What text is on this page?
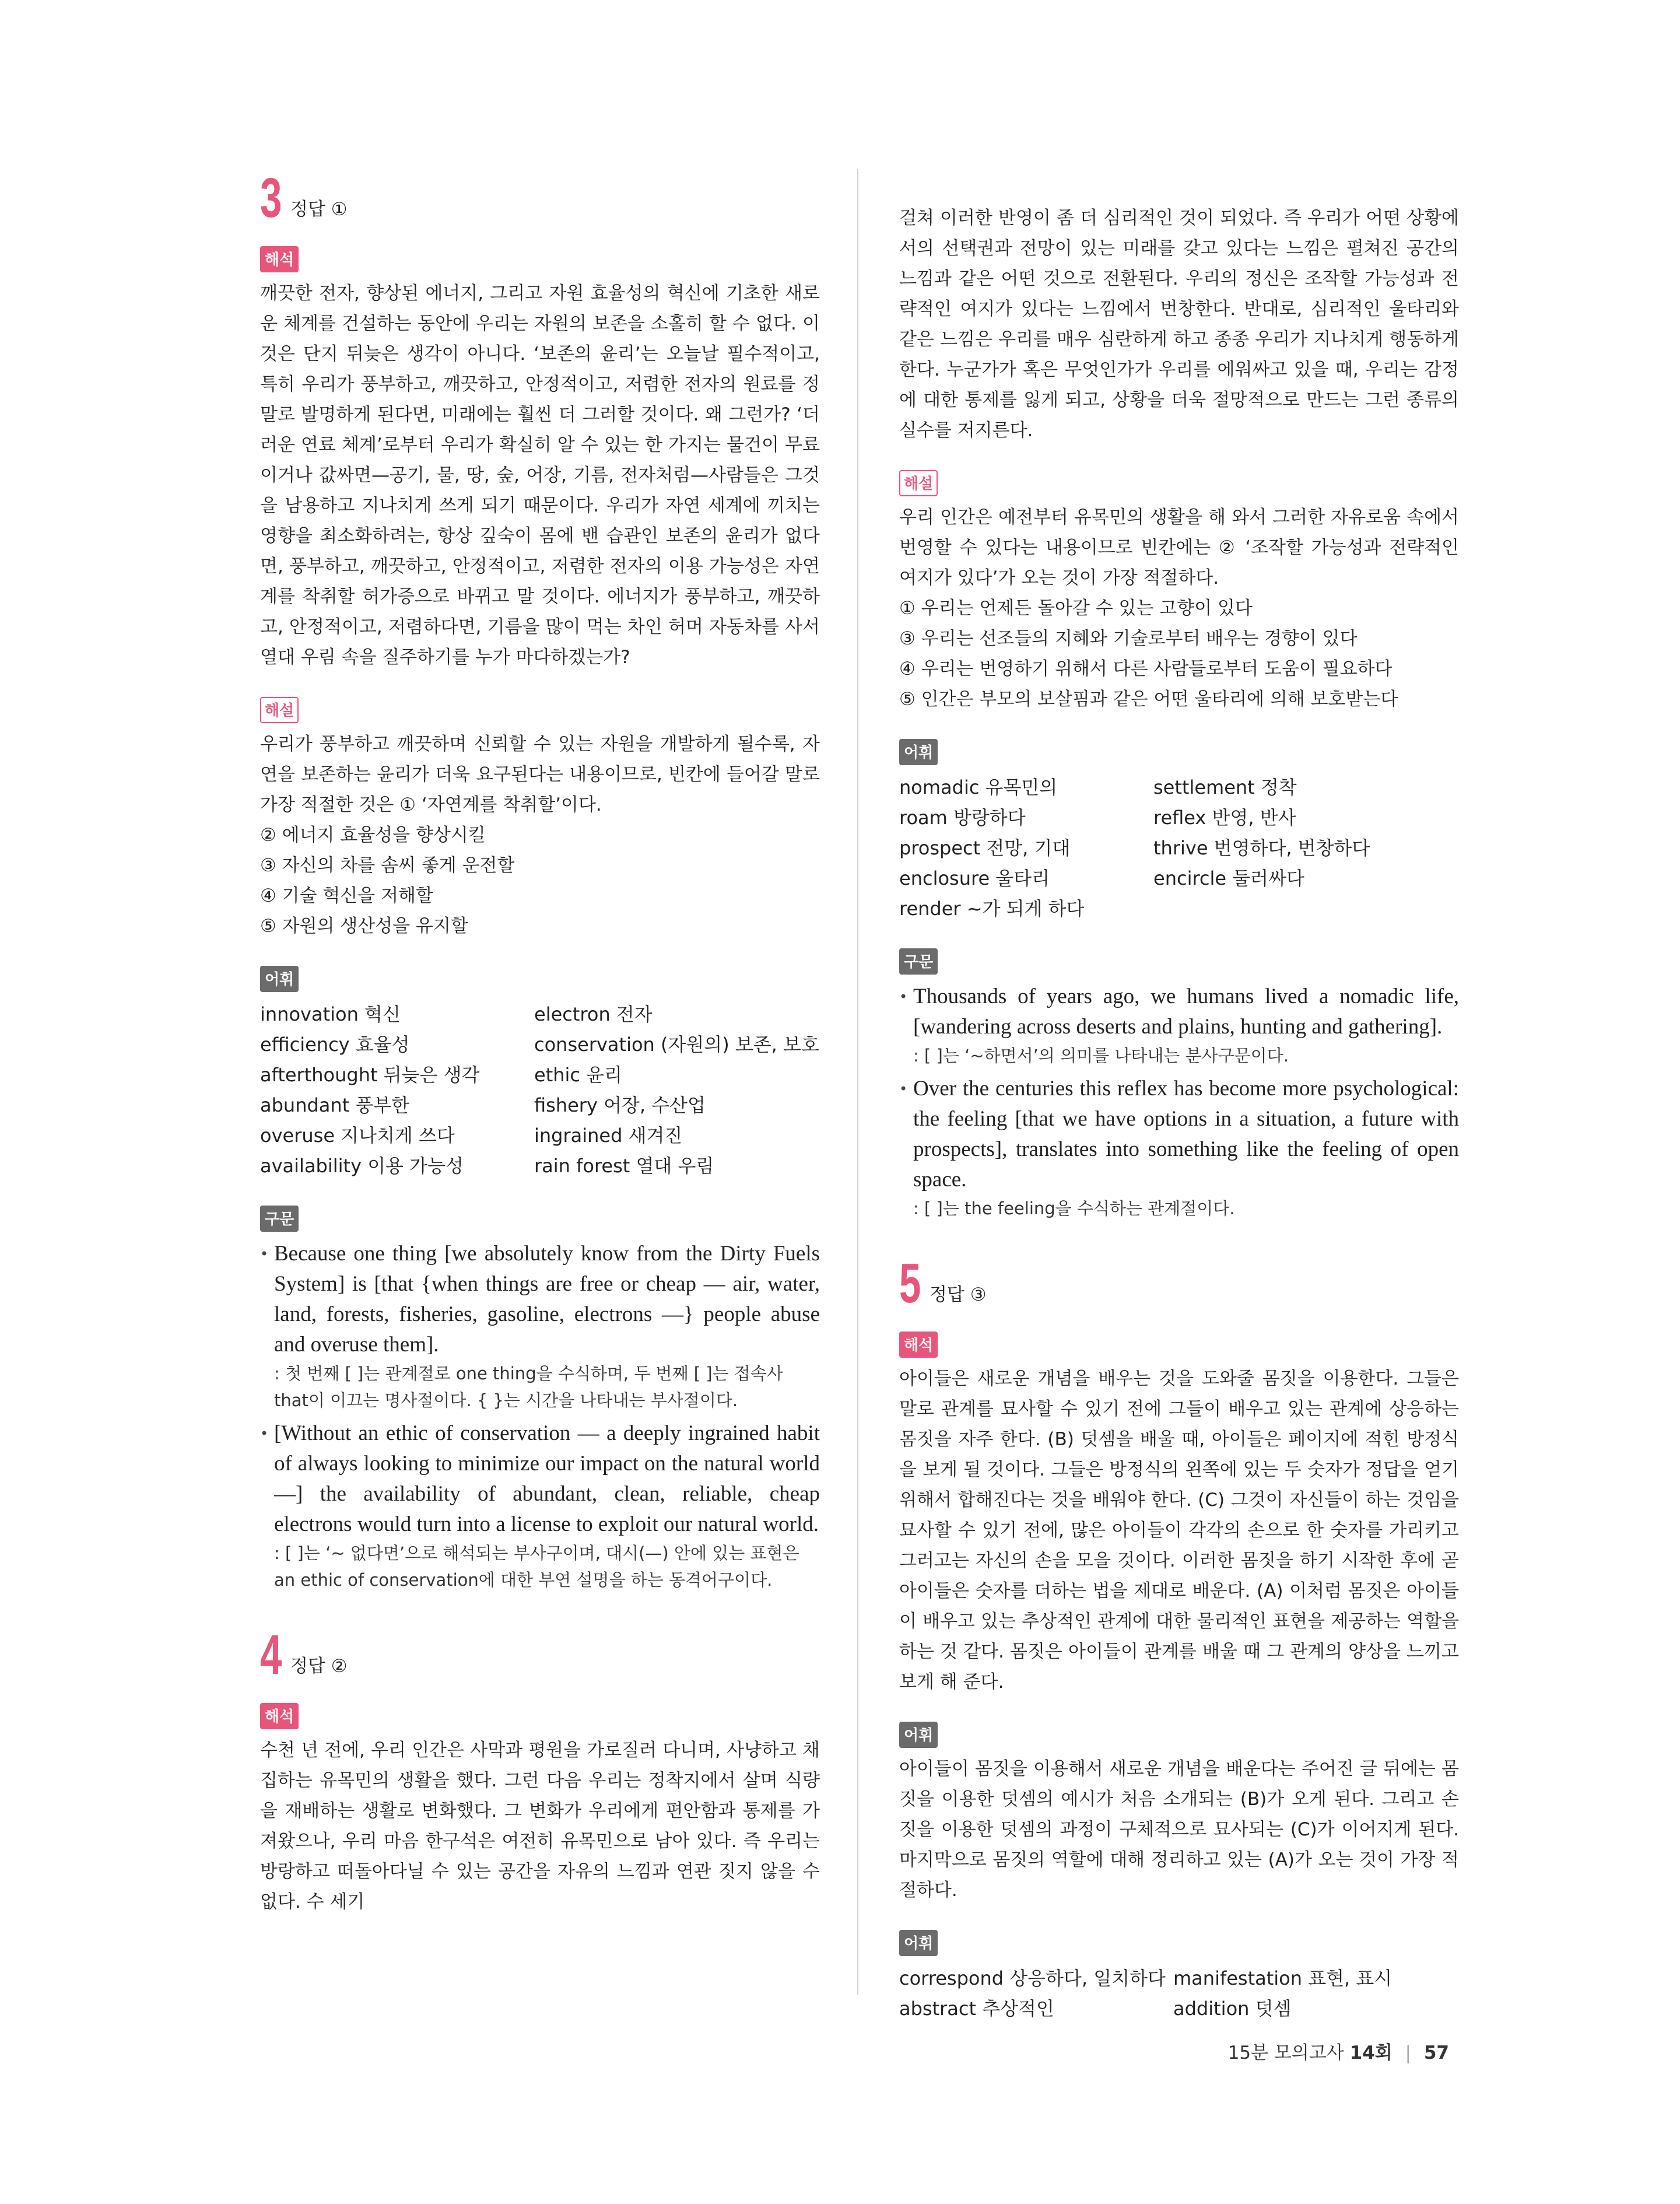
3 정답 ①
해석

깨끗한 전자, 향상된 에너지, 그리고 자원 효율성의 혁신에 기초한 새로운 체계를 건설하는 동안에 우리는 자원의 보존을 소홀히 할 수 없다. 이것은 단지 뒤늦은 생각이 아니다. ‘보존의 윤리’는 오늘날 필수적이고, 특히 우리가 풍부하고, 깨끗하고, 안정적이고, 저렴한 전자의 원료를 정말로 발명하게 된다면, 미래에는 훨씬 더 그러할 것이다. 왜 그런가? ‘더러운 연료 체계’로부터 우리가 확실히 알 수 있는 한 가지는 물건이 무료이거나 값싸면—공기, 물, 땅, 숲, 어장, 기름, 전자처럼—사람들은 그것을 남용하고 지나치게 쓰게 되기 때문이다. 우리가 자연 세계에 끼치는 영향을 최소화하려는, 항상 깊숙이 몸에 밴 습관인 보존의 윤리가 없다면, 풍부하고, 깨끗하고, 안정적이고, 저렴한 전자의 이용 가능성은 자연계를 착취할 허가증으로 바뀌고 말 것이다. 에너지가 풍부하고, 깨끗하고, 안정적이고, 저렴하다면, 기름을 많이 먹는 차인 허머 자동차를 사서 열대 우림 속을 질주하기를 누가 마다하겠는가?

해설

우리가 풍부하고 깨끗하며 신뢰할 수 있는 자원을 개발하게 될수록, 자연을 보존하는 윤리가 더욱 요구된다는 내용이므로, 빈칸에 들어갈 말로 가장 적절한 것은 ① ‘자연계를 착취할’이다.

② 에너지 효율성을 향상시킬
③ 자신의 차를 솜씨 좋게 운전할
④ 기술 혁신을 저해할
⑤ 자원의 생산성을 유지할
어휘
innovation 혁신	electron 전자
efficiency 효율성	conservation (자원의) 보존, 보호
afterthought 뒤늦은 생각	ethic 윤리
abundant 풍부한	fishery 어장, 수산업
overuse 지나치게 쓰다	ingrained 새겨진
availability 이용 가능성	rain forest 열대 우림
구문
• Because one thing [we absolutely know from the Dirty Fuels System] is [that {when things are free or cheap — air, water, land, forests, fisheries, gasoline, electrons —} people abuse and overuse them].
: 첫 번째 [ ]는 관계절로 one thing을 수식하며, 두 번째 [ ]는 접속사 that이 이끄는 명사절이다. { }는 시간을 나타내는 부사절이다.
• [Without an ethic of conservation — a deeply ingrained habit of always looking to minimize our impact on the natural world —] the availability of abundant, clean, reliable, cheap electrons would turn into a license to exploit our natural world.
: [ ]는 ‘~ 없다면’으로 해석되는 부사구이며, 대시(—) 안에 있는 표현은 an ethic of conservation에 대한 부연 설명을 하는 동격어구이다.
4 정답 ②
해석

수천 년 전에, 우리 인간은 사막과 평원을 가로질러 다니며, 사냥하고 채집하는 유목민의 생활을 했다. 그런 다음 우리는 정착지에서 살며 식량을 재배하는 생활로 변화했다. 그 변화가 우리에게 편안함과 통제를 가져왔으나, 우리 마음 한구석은 여전히 유목민으로 남아 있다. 즉 우리는 방랑하고 떠돌아다닐 수 있는 공간을 자유의 느낌과 연관 짓지 않을 수 없다. 수 세기

걸쳐 이러한 반영이 좀 더 심리적인 것이 되었다. 즉 우리가 어떤 상황에서의 선택권과 전망이 있는 미래를 갖고 있다는 느낌은 펼쳐진 공간의 느낌과 같은 어떤 것으로 전환된다. 우리의 정신은 조작할 가능성과 전략적인 여지가 있다는 느낌에서 번창한다. 반대로, 심리적인 울타리와 같은 느낌은 우리를 매우 심란하게 하고 종종 우리가 지나치게 행동하게 한다. 누군가가 혹은 무엇인가가 우리를 에워싸고 있을 때, 우리는 감정에 대한 통제를 잃게 되고, 상황을 더욱 절망적으로 만드는 그런 종류의 실수를 저지른다.

해설

우리 인간은 예전부터 유목민의 생활을 해 와서 그러한 자유로움 속에서 번영할 수 있다는 내용이므로 빈칸에는 ② ‘조작할 가능성과 전략적인 여지가 있다’가 오는 것이 가장 적절하다.

① 우리는 언제든 돌아갈 수 있는 고향이 있다
③ 우리는 선조들의 지혜와 기술로부터 배우는 경향이 있다
④ 우리는 번영하기 위해서 다른 사람들로부터 도움이 필요하다
⑤ 인간은 부모의 보살핌과 같은 어떤 울타리에 의해 보호받는다
어휘
nomadic 유목민의	settlement 정착
roam 방랑하다	reflex 반영, 반사
prospect 전망, 기대	thrive 번영하다, 번창하다
enclosure 울타리	encircle 둘러싸다
render ~가 되게 하다
구문
• Thousands of years ago, we humans lived a nomadic life, [wandering across deserts and plains, hunting and gathering].
: [ ]는 ‘~하면서’의 의미를 나타내는 분사구문이다.
• Over the centuries this reflex has become more psychological: the feeling [that we have options in a situation, a future with prospects], translates into something like the feeling of open space.
: [ ]는 the feeling을 수식하는 관계절이다.
5 정답 ③
해석

아이들은 새로운 개념을 배우는 것을 도와줄 몸짓을 이용한다. 그들은 말로 관계를 묘사할 수 있기 전에 그들이 배우고 있는 관계에 상응하는 몸짓을 자주 한다. (B) 덧셈을 배울 때, 아이들은 페이지에 적힌 방정식을 보게 될 것이다. 그들은 방정식의 왼쪽에 있는 두 숫자가 정답을 얻기 위해서 합해진다는 것을 배워야 한다. (C) 그것이 자신들이 하는 것임을 묘사할 수 있기 전에, 많은 아이들이 각각의 손으로 한 숫자를 가리키고 그러고는 자신의 손을 모을 것이다. 이러한 몸짓을 하기 시작한 후에 곧 아이들은 숫자를 더하는 법을 제대로 배운다. (A) 이처럼 몸짓은 아이들이 배우고 있는 추상적인 관계에 대한 물리적인 표현을 제공하는 역할을 하는 것 같다. 몸짓은 아이들이 관계를 배울 때 그 관계의 양상을 느끼고 보게 해 준다.

어휘

아이들이 몸짓을 이용해서 새로운 개념을 배운다는 주어진 글 뒤에는 몸짓을 이용한 덧셈의 예시가 처음 소개되는 (B)가 오게 된다. 그리고 손짓을 이용한 덧셈의 과정이 구체적으로 묘사되는 (C)가 이어지게 된다. 마지막으로 몸짓의 역할에 대해 정리하고 있는 (A)가 오는 것이 가장 적절하다.

어휘
correspond 상응하다, 일치하다 manifestation 표현, 표시
abstract 추상적인	addition 덧셈
15분 모의고사 14회 | 57
